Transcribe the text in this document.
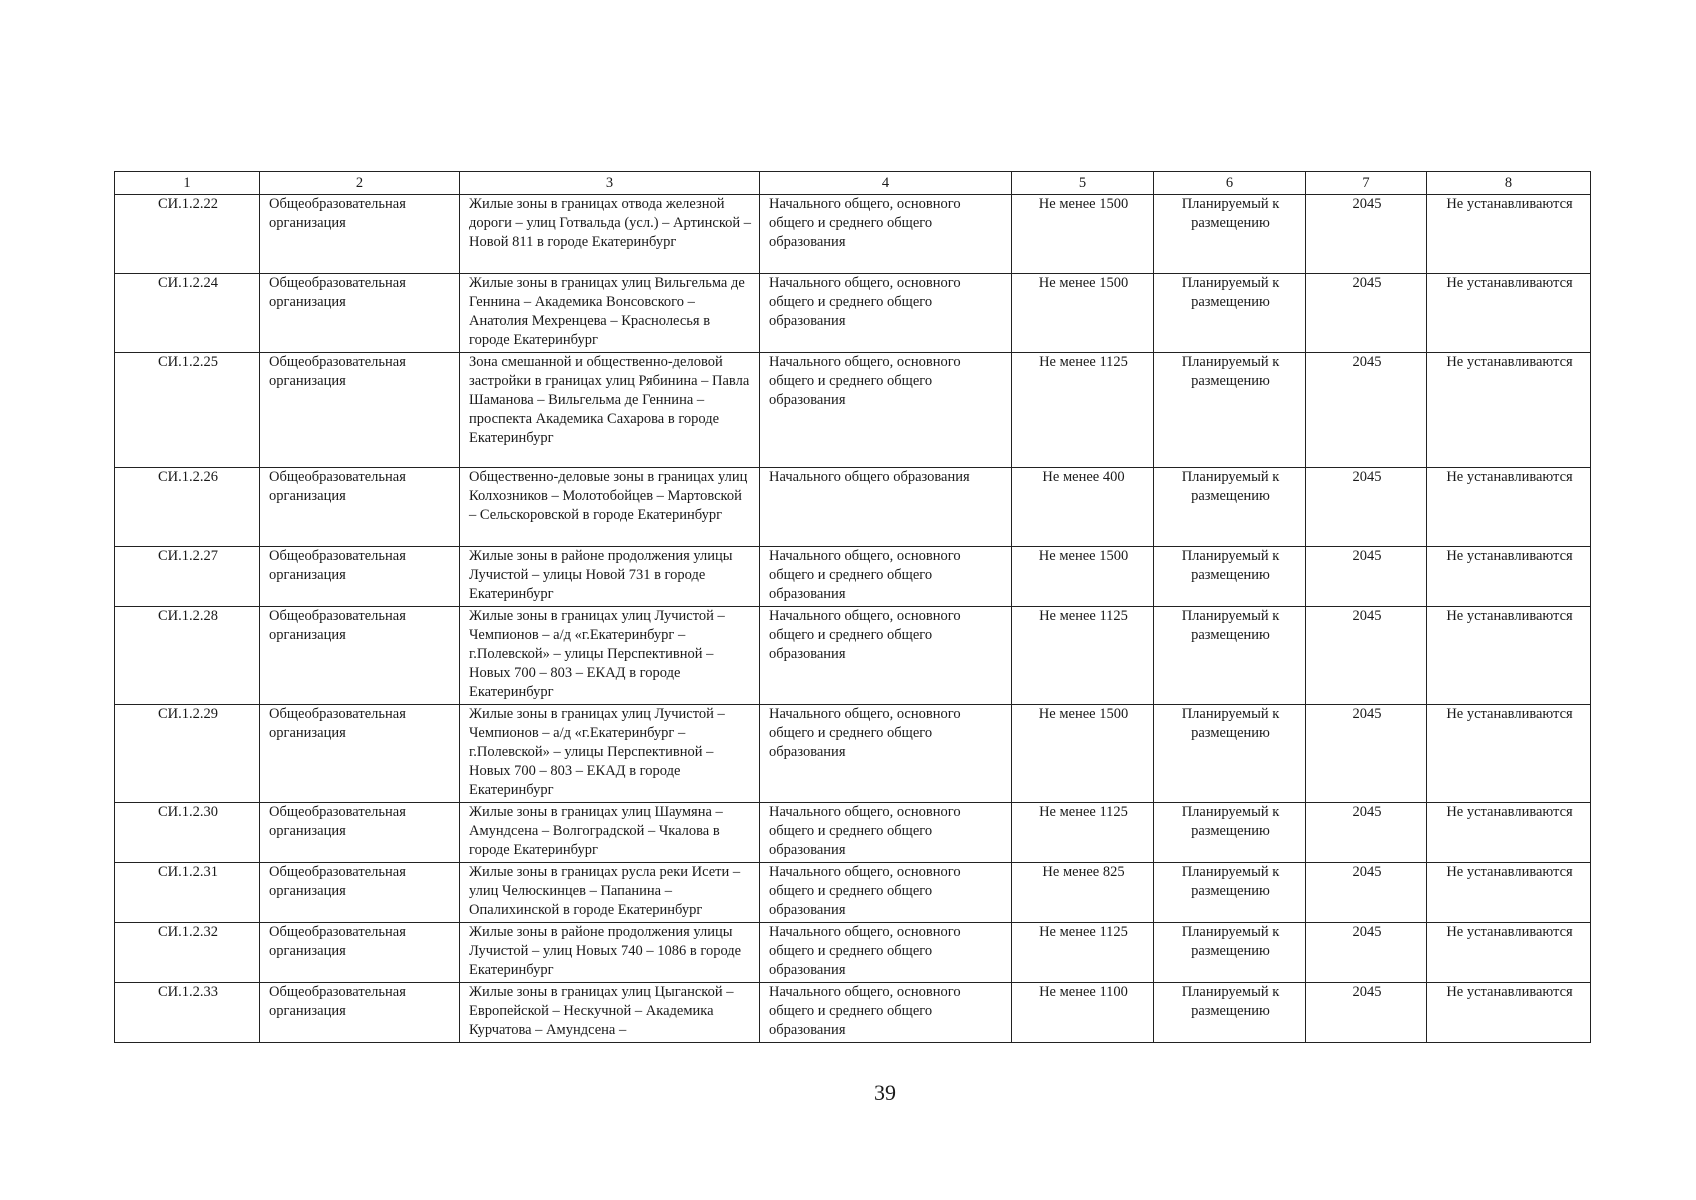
1	2	3	4	5	6	7	8
СИ.1.2.22	Общеобразовательная организация	Жилые зоны в границах отвода железной дороги – улиц Готвальда (усл.) – Артинской – Новой 811 в городе Екатеринбург	Начального общего, основного общего и среднего общего образования	Не менее 1500	Планируемый к размещению	2045	Не устанавливаются
СИ.1.2.24	Общеобразовательная организация	Жилые зоны в границах улиц Вильгельма де Геннина – Академика Вонсовского – Анатолия Мехренцева – Краснолесья в городе Екатеринбург	Начального общего, основного общего и среднего общего образования	Не менее 1500	Планируемый к размещению	2045	Не устанавливаются
СИ.1.2.25	Общеобразовательная организация	Зона смешанной и общественно-деловой застройки в границах улиц Рябинина – Павла Шаманова – Вильгельма де Геннина – проспекта Академика Сахарова в городе Екатеринбург	Начального общего, основного общего и среднего общего образования	Не менее 1125	Планируемый к размещению	2045	Не устанавливаются
СИ.1.2.26	Общеобразовательная организация	Общественно-деловые зоны в границах улиц Колхозников – Молотобойцев – Мартовской – Сельскоровской в городе Екатеринбург	Начального общего образования	Не менее 400	Планируемый к размещению	2045	Не устанавливаются
СИ.1.2.27	Общеобразовательная организация	Жилые зоны в районе продолжения улицы Лучистой – улицы Новой 731 в городе Екатеринбург	Начального общего, основного общего и среднего общего образования	Не менее 1500	Планируемый к размещению	2045	Не устанавливаются
СИ.1.2.28	Общеобразовательная организация	Жилые зоны в границах улиц Лучистой – Чемпионов – а/д «г.Екатеринбург – г.Полевской» – улицы Перспективной – Новых 700 – 803 – ЕКАД в городе Екатеринбург	Начального общего, основного общего и среднего общего образования	Не менее 1125	Планируемый к размещению	2045	Не устанавливаются
СИ.1.2.29	Общеобразовательная организация	Жилые зоны в границах улиц Лучистой – Чемпионов – а/д «г.Екатеринбург – г.Полевской» – улицы Перспективной – Новых 700 – 803 – ЕКАД в городе Екатеринбург	Начального общего, основного общего и среднего общего образования	Не менее 1500	Планируемый к размещению	2045	Не устанавливаются
СИ.1.2.30	Общеобразовательная организация	Жилые зоны в границах улиц Шаумяна – Амундсена – Волгоградской – Чкалова в городе Екатеринбург	Начального общего, основного общего и среднего общего образования	Не менее 1125	Планируемый к размещению	2045	Не устанавливаются
СИ.1.2.31	Общеобразовательная организация	Жилые зоны в границах русла реки Исети – улиц Челюскинцев – Папанина – Опалихинской в городе Екатеринбург	Начального общего, основного общего и среднего общего образования	Не менее 825	Планируемый к размещению	2045	Не устанавливаются
СИ.1.2.32	Общеобразовательная организация	Жилые зоны в районе продолжения улицы Лучистой – улиц Новых 740 – 1086 в городе Екатеринбург	Начального общего, основного общего и среднего общего образования	Не менее 1125	Планируемый к размещению	2045	Не устанавливаются
СИ.1.2.33	Общеобразовательная организация	Жилые зоны в границах улиц Цыганской – Европейской – Нескучной – Академика Курчатова – Амундсена –	Начального общего, основного общего и среднего общего образования	Не менее 1100	Планируемый к размещению	2045	Не устанавливаются
39
